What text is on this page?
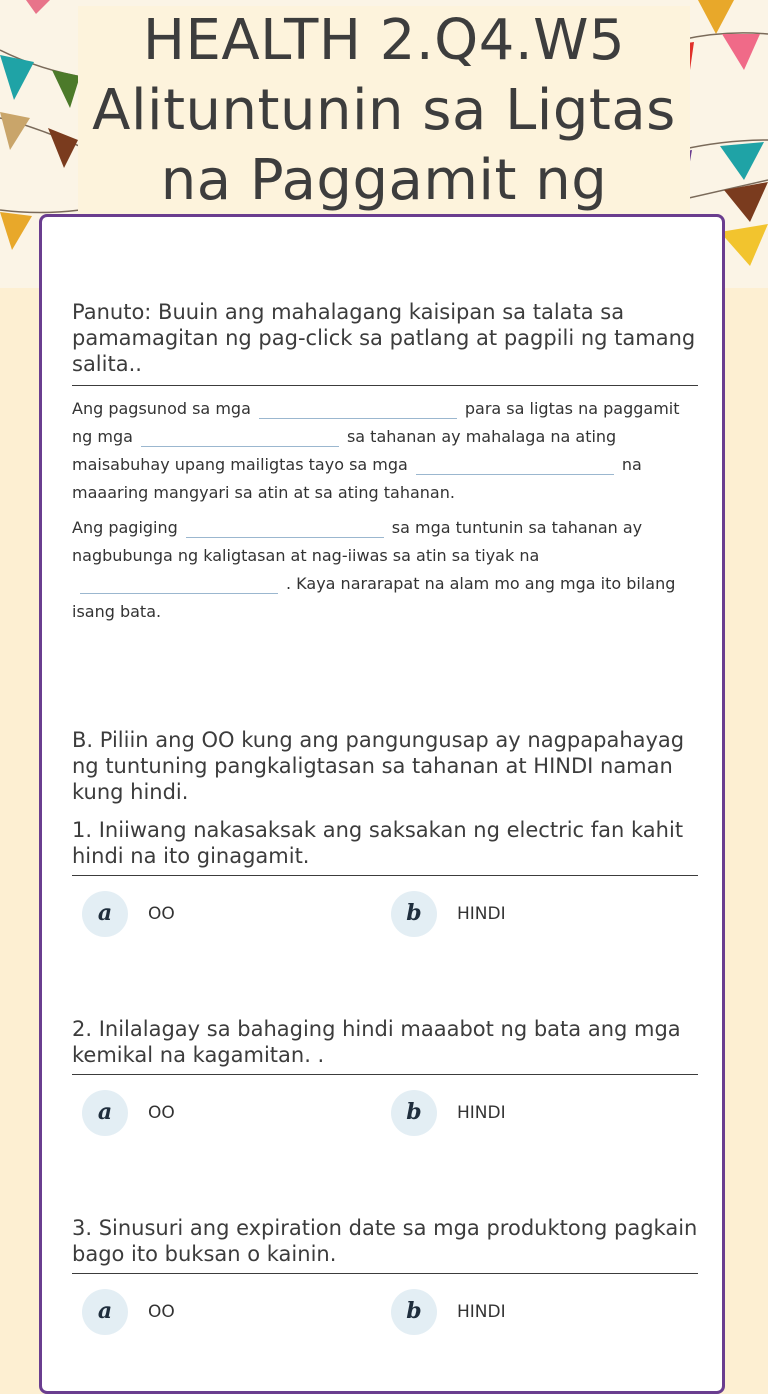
HEALTH 2.Q4.W5
Alituntunin sa Ligtas
na Paggamit ng
Panuto: Buuin ang mahalagang kaisipan sa talata sa pamamagitan ng pag-click sa patlang at pagpili ng tamang salita..
Ang pagsunod sa mga	para sa ligtas na paggamit ng mga	sa tahanan ay mahalaga na ating maisabuhay upang mailigtas tayo sa mga	na maaaring mangyari sa atin at sa ating tahanan.
Ang pagiging	sa mga tuntunin sa tahanan ay nagbubunga ng kaligtasan at nag-iiwas sa atin sa tiyak na. Kaya nararapat na alam mo ang mga ito bilang isang bata.
B. Piliin ang OO kung ang pangungusap ay nagpapahayag ng tuntuning pangkaligtasan sa tahanan at HINDI naman kung hindi.
1. Iniiwang nakasaksak ang saksakan ng electric fan kahit hindi na ito ginagamit.
a	OO	b	HINDI
2. Inilalagay sa bahaging hindi maaabot ng bata ang mga kemikal na kagamitan. .
a	OO	b	HINDI
3. Sinusuri ang expiration date sa mga produktong pagkain bago ito buksan o kainin.
a	OO	b	HINDI
